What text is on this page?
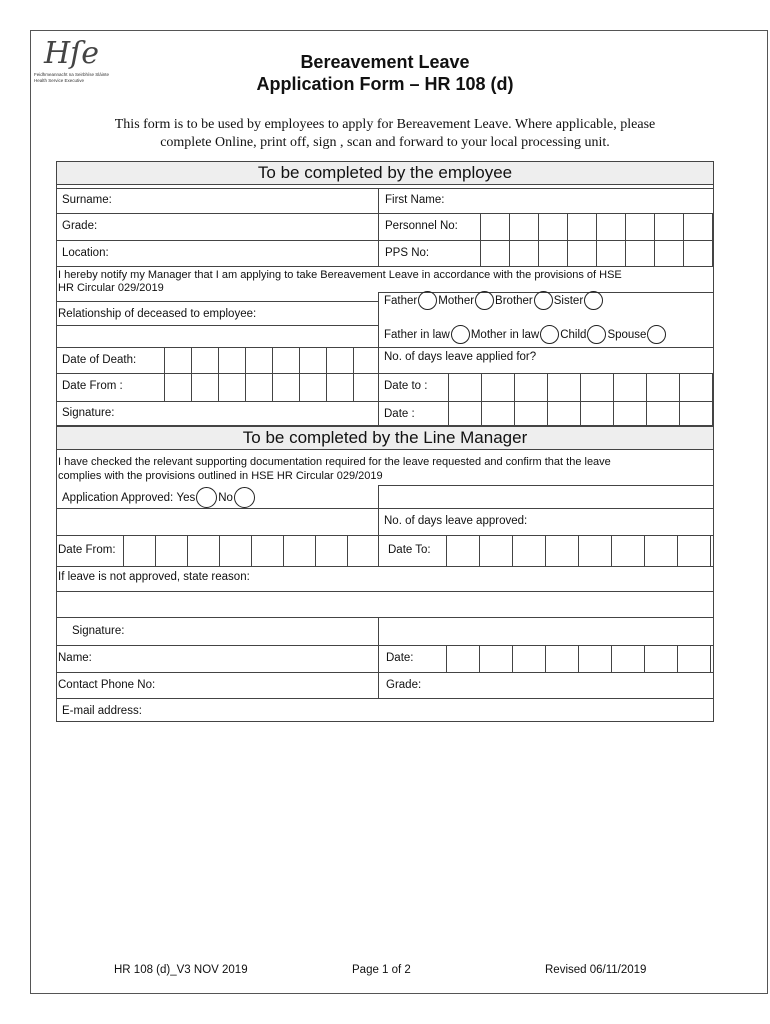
Hſe
Feidhmeannacht na Seirbhíse Sláinte Health Service Executive
Bereavement Leave
Application Form – HR 108 (d)
This form is to be used by employees to apply for Bereavement Leave. Where applicable, please complete Online, print off, sign , scan and forward to your local processing unit.
To be completed by the employee
Surname:	First Name:
Grade:	Personnel No:
Location:	PPS No:
I hereby notify my Manager that I am applying to take Bereavement Leave in accordance with the provisions of HSE HR Circular 029/2019
Relationship of deceased to employee:
Father Mother Brother Sister
Father in law Mother in law Child Spouse
Date of Death:	No. of days leave applied for?
Date From :	Date to :
Signature:	Date :
To be completed by the Line Manager
I have checked the relevant supporting documentation required for the leave requested and confirm that the leave complies with the provisions outlined in HSE HR Circular 029/2019
Application Approved:
Yes No
No. of days leave approved:
Date From:	Date To:
If leave is not approved, state reason:
Signature:
Name:	Date:
Contact Phone No:	Grade:
E-mail address:
HR 108 (d)_V3 NOV 2019	Page 1 of 2	Revised 06/11/2019
